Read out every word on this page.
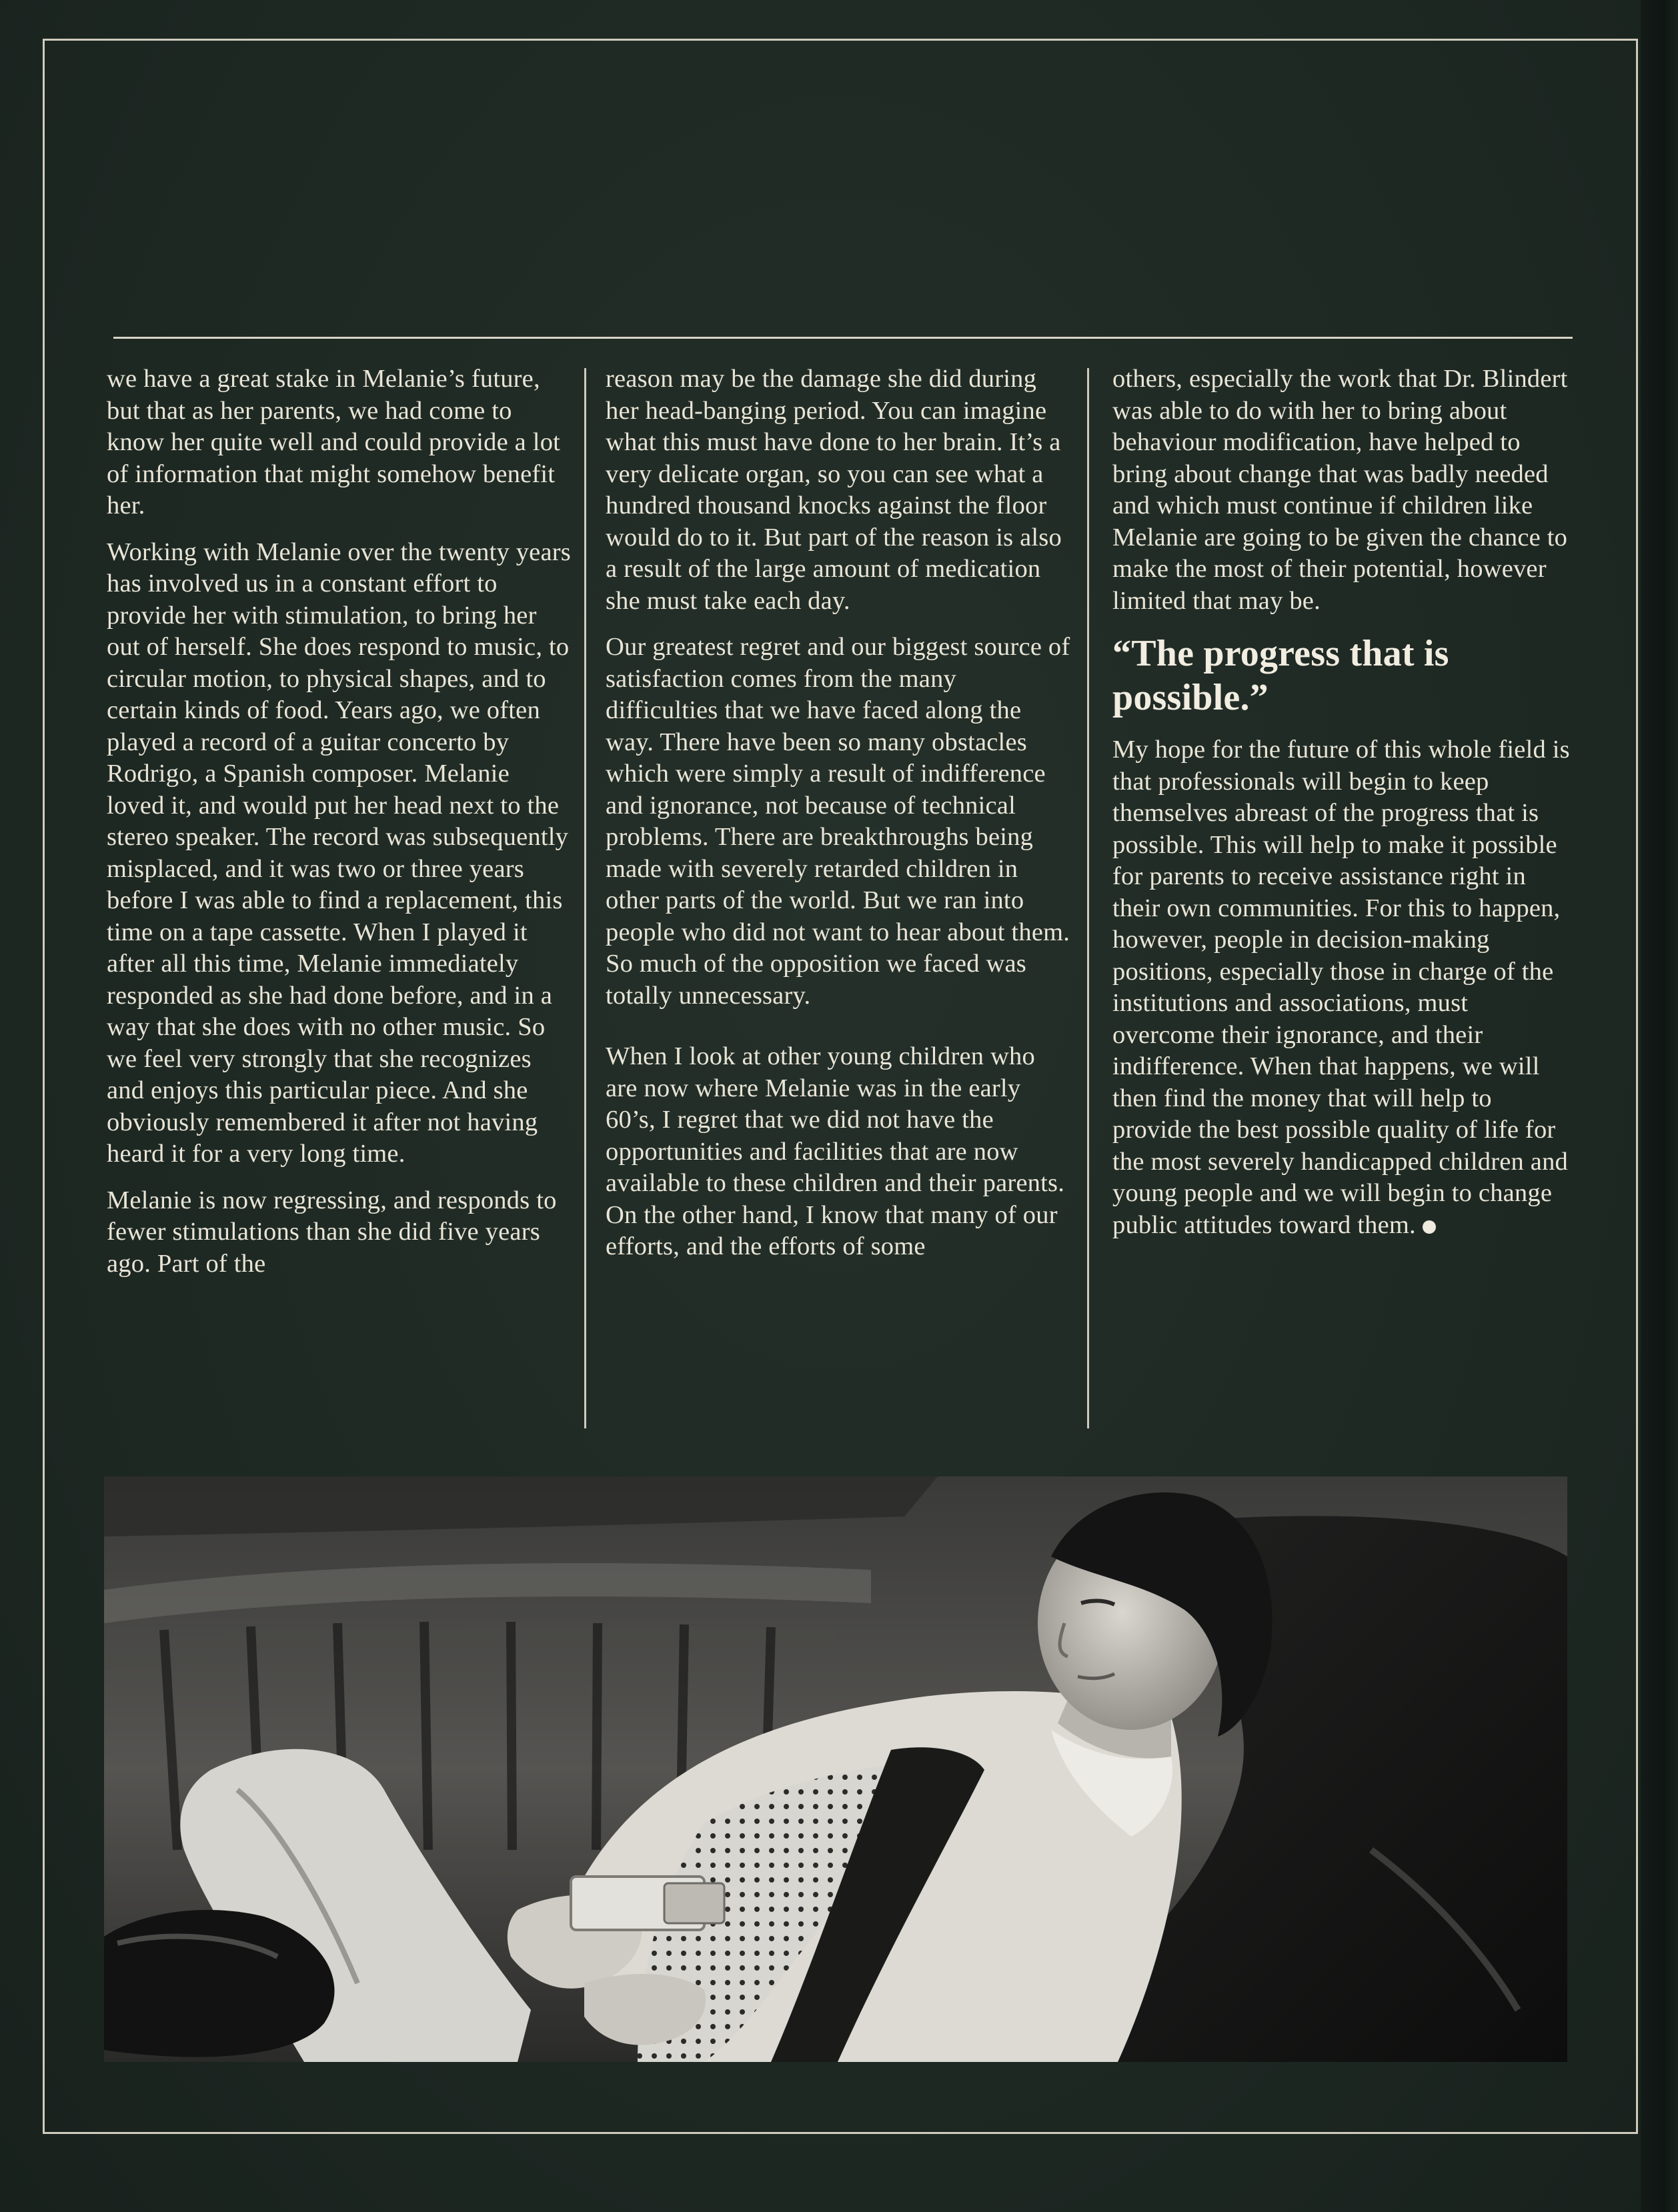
we have a great stake in Melanie’s future, but that as her parents, we had come to know her quite well and could provide a lot of information that might somehow benefit her.

Working with Melanie over the twenty years has involved us in a constant effort to provide her with stimulation, to bring her out of herself. She does respond to music, to circular motion, to physical shapes, and to certain kinds of food. Years ago, we often played a record of a guitar concerto by Rodrigo, a Spanish composer. Melanie loved it, and would put her head next to the stereo speaker. The record was subsequently misplaced, and it was two or three years before I was able to find a replacement, this time on a tape cassette. When I played it after all this time, Melanie immediately responded as she had done before, and in a way that she does with no other music. So we feel very strongly that she recognizes and enjoys this particular piece. And she obviously remembered it after not having heard it for a very long time.

Melanie is now regressing, and responds to fewer stimulations than she did five years ago. Part of the

reason may be the damage she did during her head-banging period. You can imagine what this must have done to her brain. It’s a very delicate organ, so you can see what a hundred thousand knocks against the floor would do to it. But part of the reason is also a result of the large amount of medication she must take each day.

Our greatest regret and our biggest source of satisfaction comes from the many difficulties that we have faced along the way. There have been so many obstacles which were simply a result of indifference and ignorance, not because of technical problems. There are breakthroughs being made with severely retarded children in other parts of the world. But we ran into people who did not want to hear about them. So much of the opposition we faced was totally unnecessary.

When I look at other young children who are now where Melanie was in the early 60’s, I regret that we did not have the opportunities and facilities that are now available to these children and their parents. On the other hand, I know that many of our efforts, and the efforts of some

others, especially the work that Dr. Blindert was able to do with her to bring about behaviour modification, have helped to bring about change that was badly needed and which must continue if children like Melanie are going to be given the chance to make the most of their potential, however limited that may be.

“The progress that is possible.”

My hope for the future of this whole field is that professionals will begin to keep themselves abreast of the progress that is possible. This will help to make it possible for parents to receive assistance right in their own communities. For this to happen, however, people in decision-making positions, especially those in charge of the institutions and associations, must overcome their ignorance, and their indifference. When that happens, we will then find the money that will help to provide the best possible quality of life for the most severely handicapped children and young people and we will begin to change public attitudes toward them.
